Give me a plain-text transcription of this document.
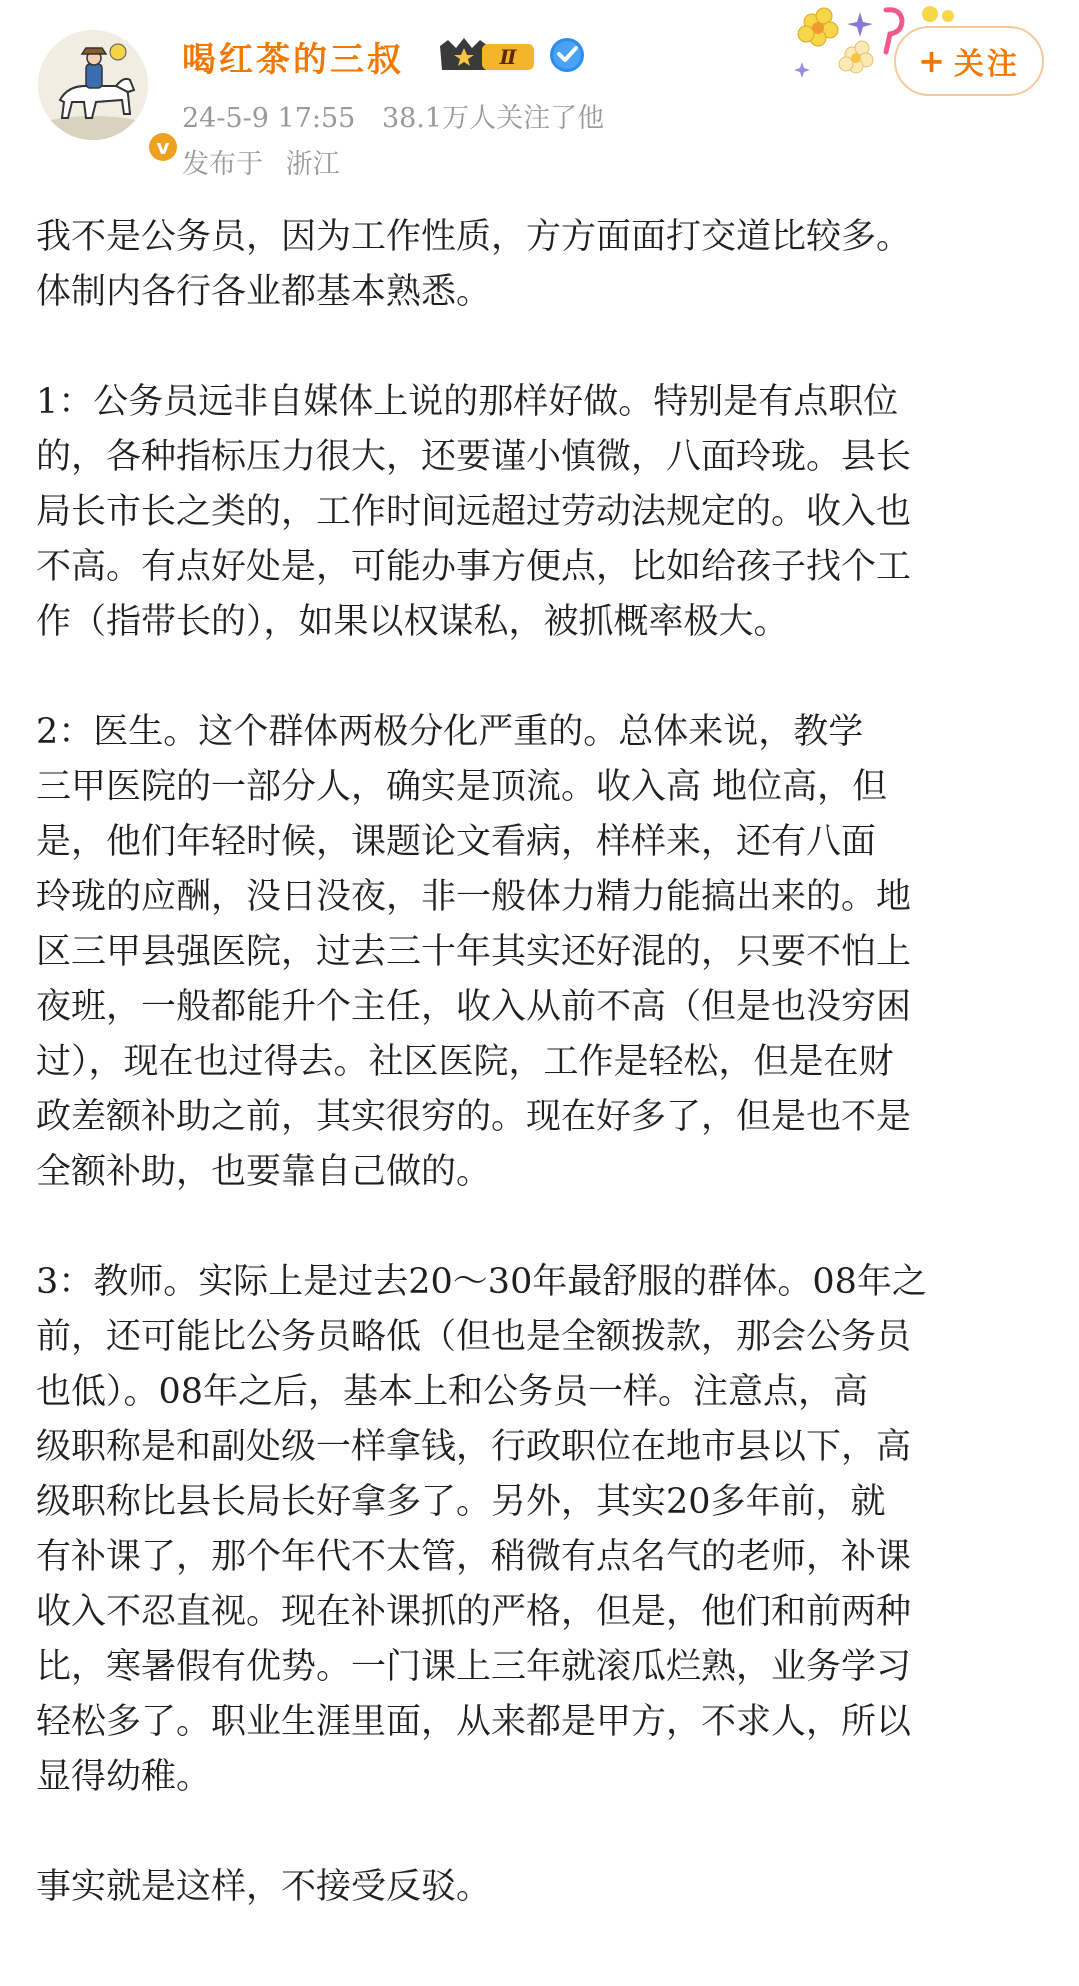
v
喝红茶的三叔	Ⅱ
24-5-9 17:55 38.1万人关注了他
发布于 浙江
+ 关注
我不是公务员，因为工作性质，方方面面打交道比较多。
体制内各行各业都基本熟悉。
1：公务员远非自媒体上说的那样好做。特别是有点职位
的，各种指标压力很大，还要谨小慎微，八面玲珑。县长
局长市长之类的，工作时间远超过劳动法规定的。收入也
不高。有点好处是，可能办事方便点，比如给孩子找个工
作（指带长的），如果以权谋私，被抓概率极大。
2：医生。这个群体两极分化严重的。总体来说，教学
三甲医院的一部分人，确实是顶流。收入高 地位高，但
是，他们年轻时候，课题论文看病，样样来，还有八面
玲珑的应酬，没日没夜，非一般体力精力能搞出来的。地
区三甲县强医院，过去三十年其实还好混的，只要不怕上
夜班，一般都能升个主任，收入从前不高（但是也没穷困
过），现在也过得去。社区医院，工作是轻松，但是在财
政差额补助之前，其实很穷的。现在好多了，但是也不是
全额补助，也要靠自己做的。
3：教师。实际上是过去20～30年最舒服的群体。08年之
前，还可能比公务员略低（但也是全额拨款，那会公务员
也低）。08年之后，基本上和公务员一样。注意点，高
级职称是和副处级一样拿钱，行政职位在地市县以下，高
级职称比县长局长好拿多了。另外，其实20多年前，就
有补课了，那个年代不太管，稍微有点名气的老师，补课
收入不忍直视。现在补课抓的严格，但是，他们和前两种
比，寒暑假有优势。一门课上三年就滚瓜烂熟，业务学习
轻松多了。职业生涯里面，从来都是甲方，不求人，所以
显得幼稚。
事实就是这样，不接受反驳。
